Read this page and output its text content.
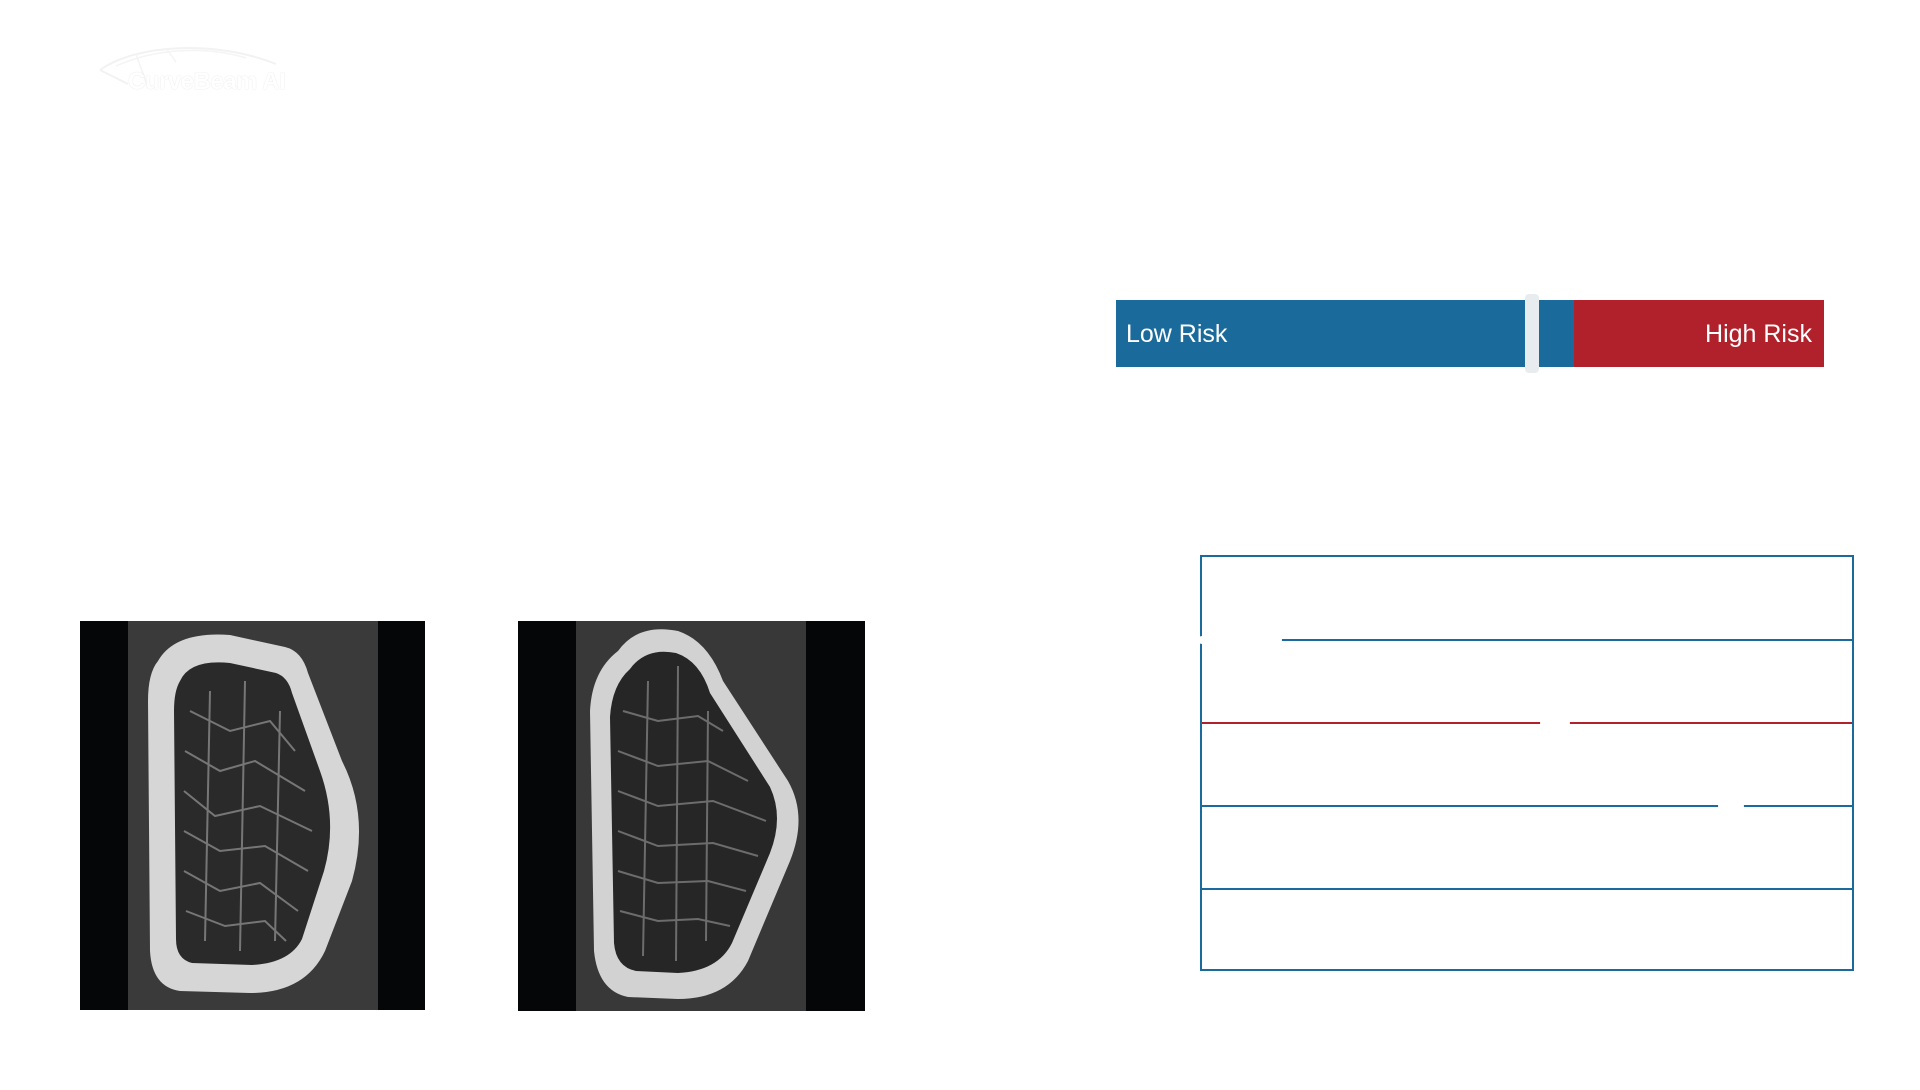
CurveBeam AI
Low Risk	High Risk
